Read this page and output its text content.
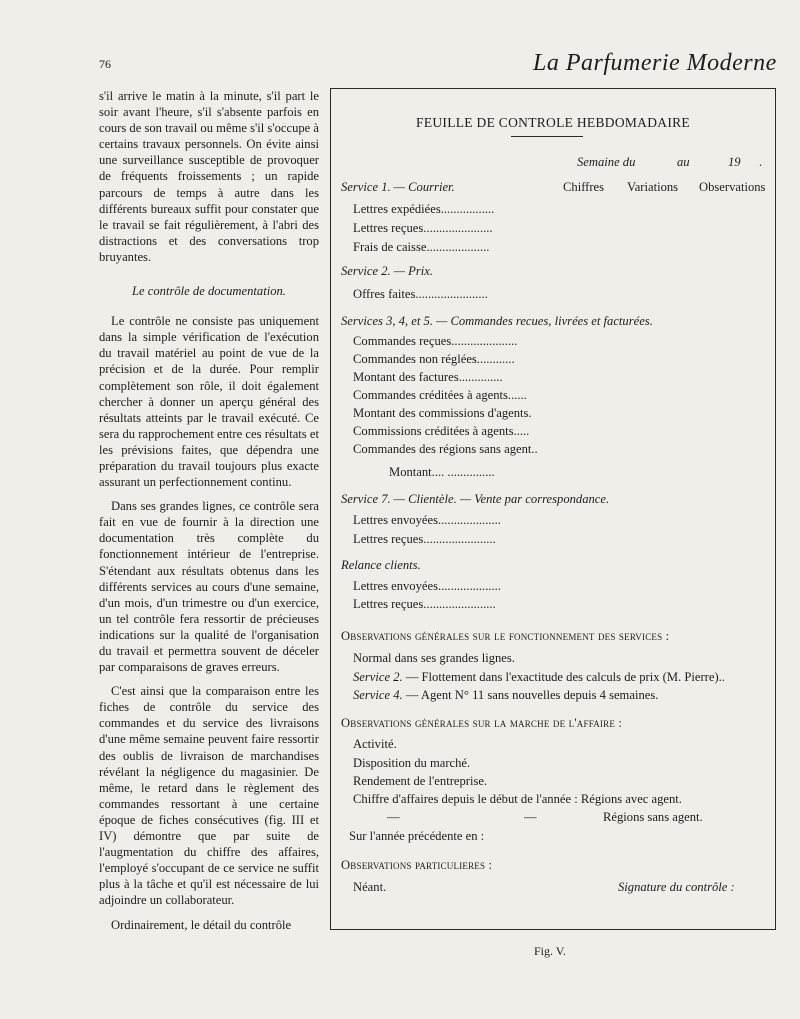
76	La Parfumerie Moderne

s'il arrive le matin à la minute, s'il part le soir avant l'heure, s'il s'absente parfois en cours de son travail ou même s'il s'occupe à certains travaux personnels. On évite ainsi une surveillance susceptible de provoquer de fréquents froissements ; un rapide parcours de temps à autre dans les différents bureaux suffit pour constater que le travail se fait régulièrement, à l'abri des distractions et des conversations trop bruyantes.

Le contrôle de documentation.

Le contrôle ne consiste pas uniquement dans la simple vérification de l'exécution du travail matériel au point de vue de la précision et de la durée. Pour remplir complètement son rôle, il doit également chercher à donner un aperçu général des résultats atteints par le travail exécuté. Ce sera du rapprochement entre ces résultats et les prévisions faites, que dépendra une préparation du travail toujours plus exacte assurant un perfectionnement continu.

Dans ses grandes lignes, ce contrôle sera fait en vue de fournir à la direction une documentation très complète du fonctionnement intérieur de l'entreprise. S'étendant aux résultats obtenus dans les différents services au cours d'une semaine, d'un mois, d'un trimestre ou d'un exercice, un tel contrôle fera ressortir de précieuses indications sur la qualité de l'organisation du travail et permettra souvent de déceler par comparaisons de graves erreurs.

C'est ainsi que la comparaison entre les fiches de contrôle du service des commandes et du service des livraisons d'une même semaine peuvent faire ressortir des oublis de livraison de marchandises révélant la négligence du magasinier. De même, le retard dans le règlement des commandes ressortant à une certaine époque de fiches consécutives (fig. III et IV) démontre que par suite de l'augmentation du chiffre des affaires, l'employé s'occupant de ce service ne suffit plus à la tâche et qu'il est nécessaire de lui adjoindre un collaborateur.

Ordinairement, le détail du contrôle

FEUILLE DE CONTROLE HEBDOMADAIRE
Semaine du	au	19 .
Chiffres Variations Observations
Service 1. — Courrier.
Lettres expédiées.................
Lettres reçues......................
Frais de caisse....................
Service 2. — Prix.
Offres faites.......................
Services 3, 4, et 5. — Commandes recues, livrées et facturées.
Commandes reçues.....................
Commandes non réglées............
Montant des factures..............
Commandes créditées à agents......
Montant des commissions d'agents.
Commissions créditées à agents.....
Commandes des régions sans agent..
Montant.... ...............
Service 7. — Clientèle. — Vente par correspondance.
Lettres envoyées....................
Lettres reçues.......................
Relance clients.
Lettres envoyées....................
Lettres reçues.......................
Observations générales sur le fonctionnement des services :
Normal dans ses grandes lignes.
Service 2. — Flottement dans l'exactitude des calculs de prix (M. Pierre)..
Service 4. — Agent N° 11 sans nouvelles depuis 4 semaines.
Observations générales sur la marche de l'affaire :
Activité.
Disposition du marché.
Rendement de l'entreprise.
Chiffre d'affaires depuis le début de l'année : Régions avec agent.
—	—	Régions sans agent.
Sur l'année précédente en :
Observations particulieres :
Néant.	Signature du contrôle :
Fig. V.
